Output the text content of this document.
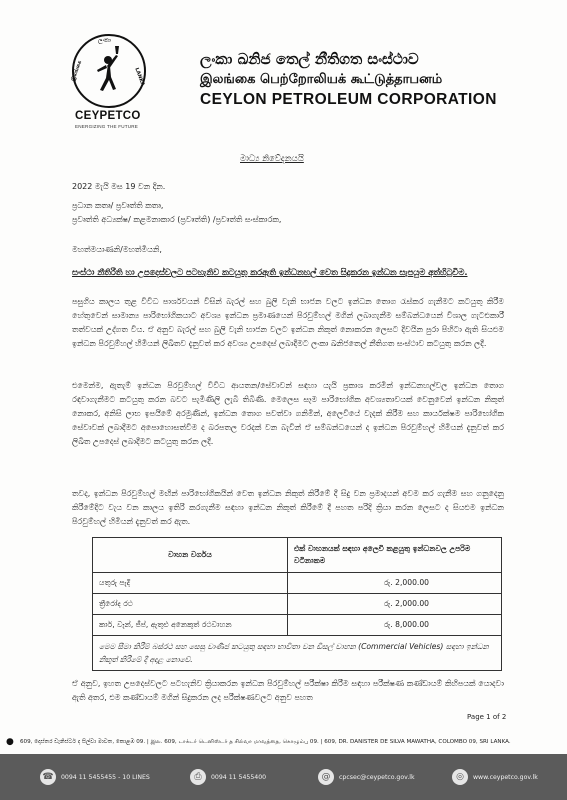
ලංකා
இலங்கை	LANKA
CEYPETCO
ENERGIZING THE FUTURE
ලංකා ඛනිජ තෙල් නීතිගත සංස්ථාව
இலங்கை பெற்றோலியக் கூட்டுத்தாபனம்
CEYLON PETROLEUM CORPORATION
මාධ්‍ය නිවේදනයයි
2022 මැයි මස 19 වන දින.
ප්‍රධාන කතෘ/ ප්‍රවෘත්ති කතෘ,
ප්‍රවෘත්ති අධ්‍යක්ෂ/ කළමනාකාර (ප්‍රවෘත්ති) /ප්‍රවෘත්ති සංස්කාරක,
මහත්මයාණනි/මහත්මියනි,
සංස්ථා නීතිරීති හා උපදෙස්වලට පටහැනිව කටයුතු කරඇති ඉන්ධනහල් වෙත සිදුකරන ඉන්ධන සැපයුම අත්හිටුවීම.
පසුගිය කාලය තුළ විවිධ පාර්ශවයන් විසින් බැරල් සහ බුලි වැනි භාජන වලට ඉන්ධන තොග රැස්කර ගැනීමට කටයුතු කිරීම හේතුවෙන් සාමාන්‍ය පාරිභෝගිකයාට අවශ්‍ය ඉන්ධන ප්‍රමාණයෙන් පිරවුම්හල් මගින් ලබාගැනීම සම්බන්ධයෙන් විශාල ගැටළුකාරී තත්වයක් උද්ගත විය. ඒ අනුව බැරල් සහ බුලි වැනි භාජන වලට ඉන්ධන නිකුත් නොකරන ලෙසට දිවයින පුරා පිහිටා ඇති සියළුම ඉන්ධන පිරවුම්හල් හිමියන් ලිඛිතව දැනුවත් කර අවශ්‍ය උපදෙස් ලබාදීමට ලංකා ඛනිජතෙල් නීතිගත සංස්ථාව කටයුතු කරන ලදී.
එමෙන්ම, ඇතැම් ඉන්ධන පිරවුම්හල් විවිධ ආයතන/සේවාවන් සඳහා යැයි ප්‍රකාශ කරමින් ඉන්ධනහල්වල ඉන්ධන තොග රඳවාගැනීමට කටයුතු කරන බවට පැමිණිලි ලැබී තිබිණි. මෙලෙස සෑම පාරිභෝගික අවශ්‍යතාවයක් වෙනුවෙන් ඉන්ධන නිකුත් නොකර, අනිසි ලාභ ඉපයීමේ අරමුණින්, ඉන්ධන තොග පවත්වා ගනිමින්, අලෙවියේ වැදක් කිරීම සහ කාර්යක්ෂම පාරිභෝගික සේවාවක් ලබාදීමට අපොහොසත්වීම ද බරපතල වරදක් වන බැවින් ඒ සම්බන්ධයෙන් ද ඉන්ධන පිරවුම්හල් හිමියන් දැනුවත් කර ලිඛිත උපදෙස් ලබාදීමට කටයුතු කරන ලදී.
තවද, ඉන්ධන පිරවුම්හල් මඟින් පාරිභෝගිකයින් වෙත ඉන්ධන නිකුත් කිරීමේ දී සිදු වන ප්‍රමාදයන් අවම කර ගැනීම සහ ගනුදෙනු කිරීමේදිට වැය වන කාලය ඉතිරි කරගැනීම සඳහා ඉන්ධන නිකුත් කිරීමේ දී පහත පරිදි ක්‍රියා කරන ලෙසට ද සියළුම ඉන්ධන පිරවුම්හල් හිමියන් දැනුවත් කර ඇත.
වාහන වර්ගය	එක් වාහනයක් සඳහා අලෙවි කළයුතු ඉන්ධනවල උපරිම වටිනාකම
යතුරු පැදි	රු. 2,000.00
ත්‍රීරෝද රථ	රු. 2,000.00
කාර්, වෑන්, ජීප්, ඇතුළු අනෙකුත් රථවාහන	රු. 8,000.00
මෙම සීමා කිරීම් බස්රථ සහ සෙසු වාණිජ කටයුතු සඳහා භාවිතා වන ඩීසල් වාහන (Commercial Vehicles) සඳහා ඉන්ධන නිකුත් කිරීමේ දී අදාළ නොවේ.	
ඒ අනුව, ඉහත උපදෙස්වලට පටහැනිව ක්‍රියාකරන ඉන්ධන පිරවුම්හල් පරීක්ෂා කිරීම සඳහා පරීක්ෂණ කණ්ඩායම් කිහිපයක් යොදවා ඇති අතර, එම කණ්ඩායම් මගින් සිදුකරන ලද පරීක්ෂණවලට අනුව පහත
Page 1 of 2
● 609, දොස්තර ඩැනිස්ටර් ද සිල්වා මාවත, කොළඹ 09. | இல. 609, டாக்டர் டெனிஸ்டர் த சில்வா மாவத்தை, கொழும்பு 09. | 609, DR. DANISTER DE SILVA MAWATHA, COLOMBO 09, SRI LANKA.
☎	0094 11 5455455 - 10 LINES	⎙	0094 11 5455400	@	cpcsec@ceypetco.gov.lk	◎	www.ceypetco.gov.lk
